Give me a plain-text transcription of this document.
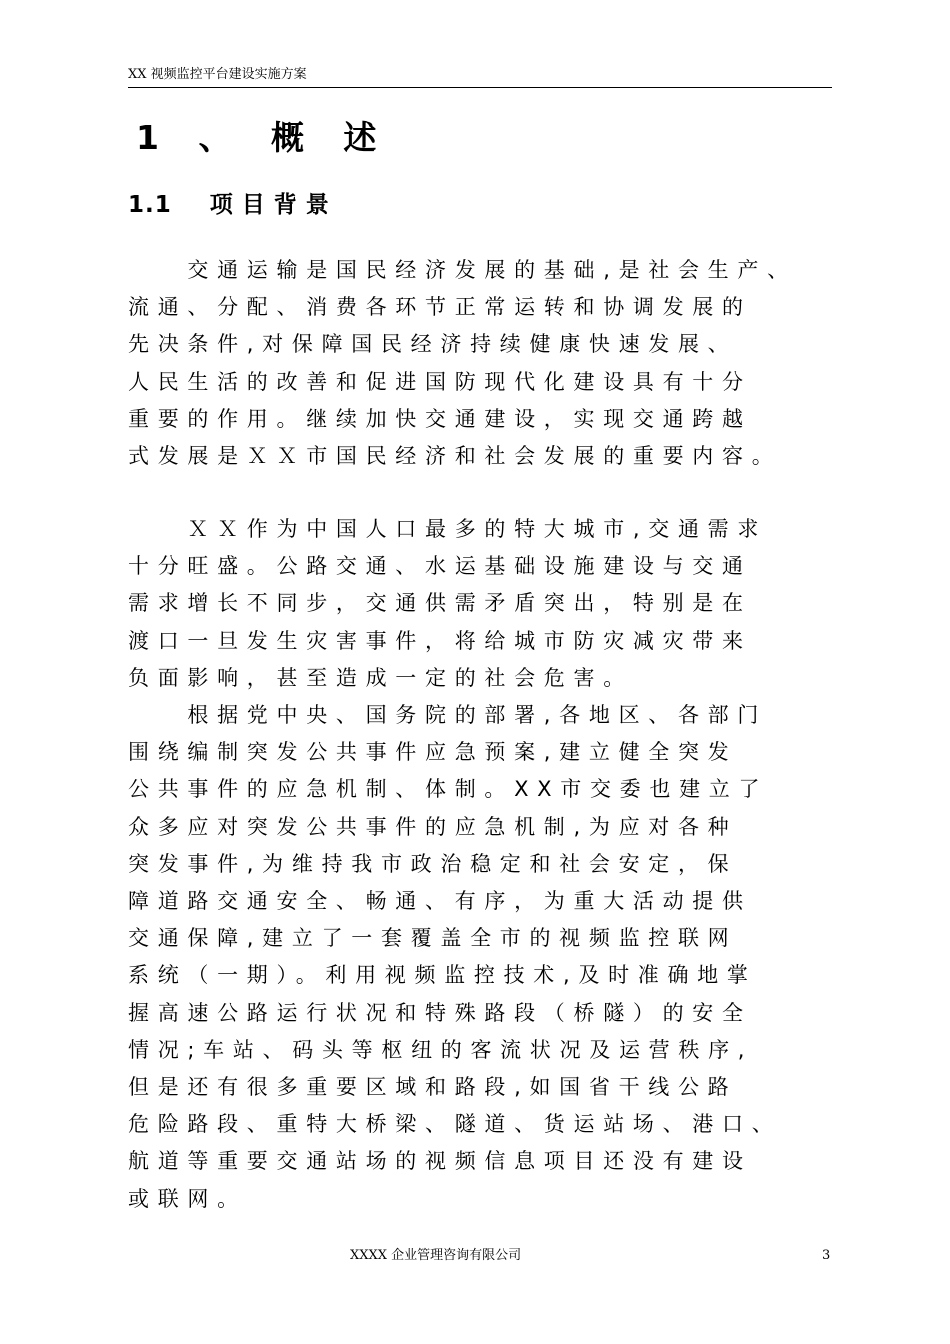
XX 视频监控平台建设实施方案
1 、 概 述
1.1 项目背景
　　交通运输是国民经济发展的基础,是社会生产、
流通、分配、消费各环节正常运转和协调发展的
先决条件,对保障国民经济持续健康快速发展、
人民生活的改善和促进国防现代化建设具有十分
重要的作用。继续加快交通建设，实现交通跨越
式发展是ＸＸ市国民经济和社会发展的重要内容。
　　ＸＸ作为中国人口最多的特大城市,交通需求
十分旺盛。公路交通、水运基础设施建设与交通
需求增长不同步，交通供需矛盾突出，特别是在
渡口一旦发生灾害事件，将给城市防灾减灾带来
负面影响，甚至造成一定的社会危害。
　　根据党中央、国务院的部署,各地区、各部门
围绕编制突发公共事件应急预案,建立健全突发
公共事件的应急机制、体制。XX市交委也建立了
众多应对突发公共事件的应急机制,为应对各种
突发事件,为维持我市政治稳定和社会安定，保
障道路交通安全、畅通、有序，为重大活动提供
交通保障,建立了一套覆盖全市的视频监控联网
系统（一期）。利用视频监控技术,及时准确地掌
握高速公路运行状况和特殊路段（桥隧）的安全
情况;车站、码头等枢纽的客流状况及运营秩序,
但是还有很多重要区域和路段,如国省干线公路
危险路段、重特大桥梁、隧道、货运站场、港口、
航道等重要交通站场的视频信息项目还没有建设
或联网。
XXXX 企业管理咨询有限公司	3
